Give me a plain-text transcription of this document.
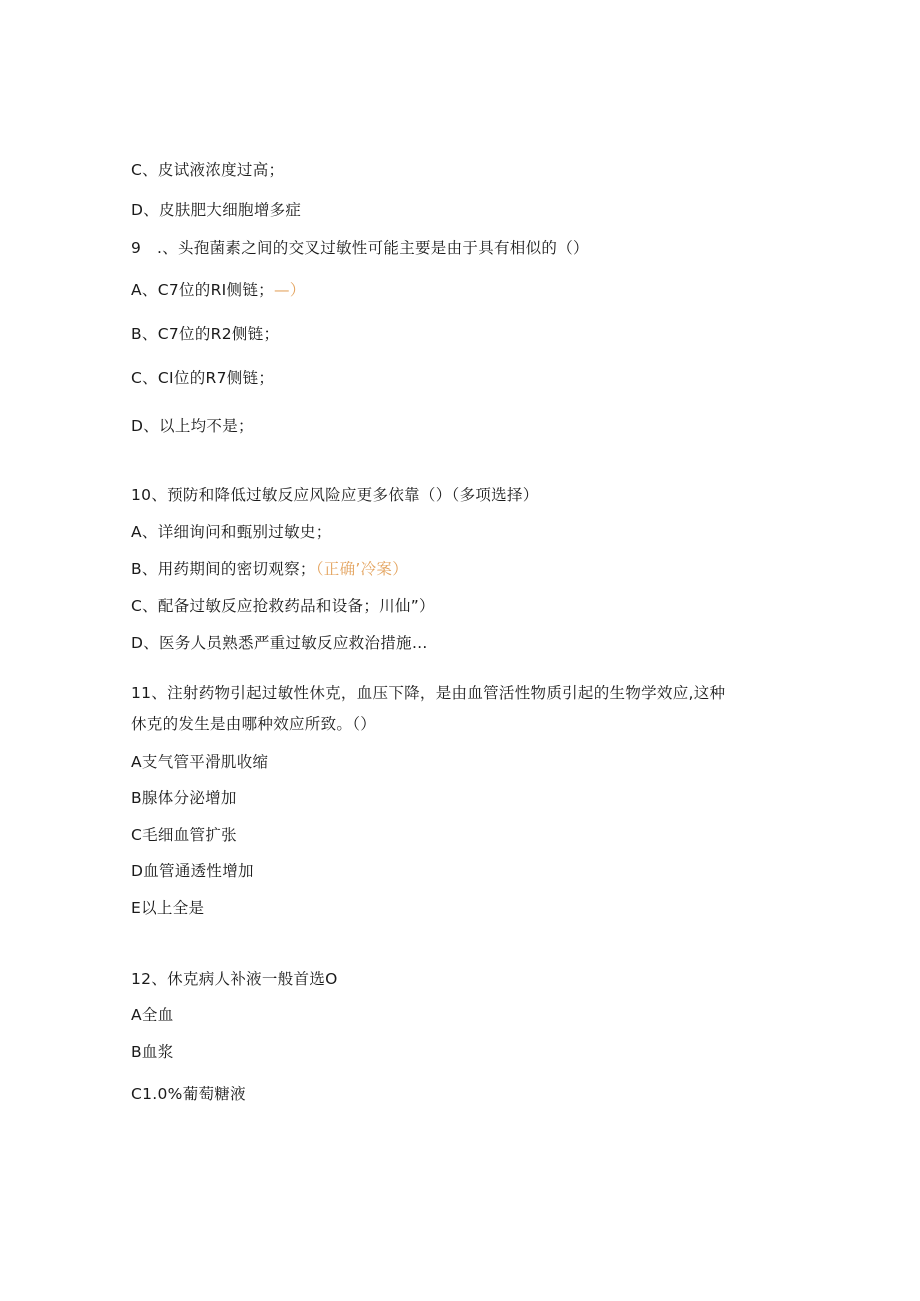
C、皮试液浓度过高；
D、皮肤肥大细胞增多症
9　.、头孢菌素之间的交叉过敏性可能主要是由于具有相似的（）
A、C7位的RI侧链；—）
B、C7位的R2侧链；
C、CI位的R7侧链；
D、以上均不是；
10、预防和降低过敏反应风险应更多依靠（）（多项选择）
A、详细询问和甄别过敏史；
B、用药期间的密切观察；（正确’冷案）
C、配备过敏反应抢救药品和设备；川仙”）
D、医务人员熟悉严重过敏反应救治措施…
11、注射药物引起过敏性休克，血压下降，是由血管活性物质引起的生物学效应,这种
休克的发生是由哪种效应所致。（）
A支气管平滑肌收缩
B腺体分泌增加
C毛细血管扩张
D血管通透性增加
E以上全是
12、休克病人补液一般首选O
A全血
B血浆
C1.0%葡萄糖液
